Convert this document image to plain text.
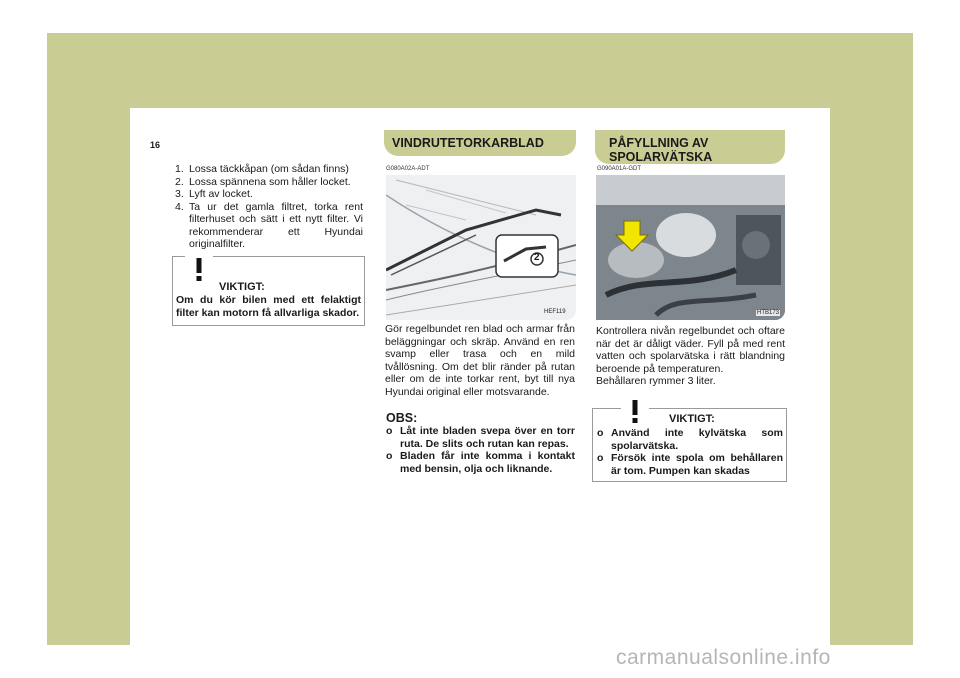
5 UNDERHÅLL - GÖR-DET-SJÄLV
16
1. Lossa täckkåpan (om sådan finns)
2. Lossa spännena som håller locket.
3. Lyft av locket.
4. Ta ur det gamla filtret, torka rent filterhuset och sätt i ett nytt filter. Vi rekommenderar ett Hyundai originalfilter.
VIKTIGT:
Om du kör bilen med ett felaktigt filter kan motorn få allvarliga skador.
VINDRUTETORKARBLAD
G080A02A-ADT
2
HEF119
Gör regelbundet ren blad och armar från beläggningar och skräp. Använd en ren svamp eller trasa och en mild tvållösning. Om det blir ränder på rutan eller om de inte torkar rent, byt till nya Hyundai original eller motsvarande.
OBS:
o Låt inte bladen svepa över en torr ruta. De slits och rutan kan repas.
o Bladen får inte komma i kontakt med bensin, olja och liknande.
PÅFYLLNING AV
SPOLARVÄTSKA
G090A01A-GDT
HTB173
Kontrollera nivån regelbundet och oftare när det är dåligt väder. Fyll på med rent vatten och spolarvätska i rätt blandning beroende på temperaturen.
Behållaren rymmer 3 liter.
VIKTIGT:
o Använd inte kylvätska som spolarvätska.
o Försök inte spola om behållaren är tom. Pumpen kan skadas
carmanualsonline.info
